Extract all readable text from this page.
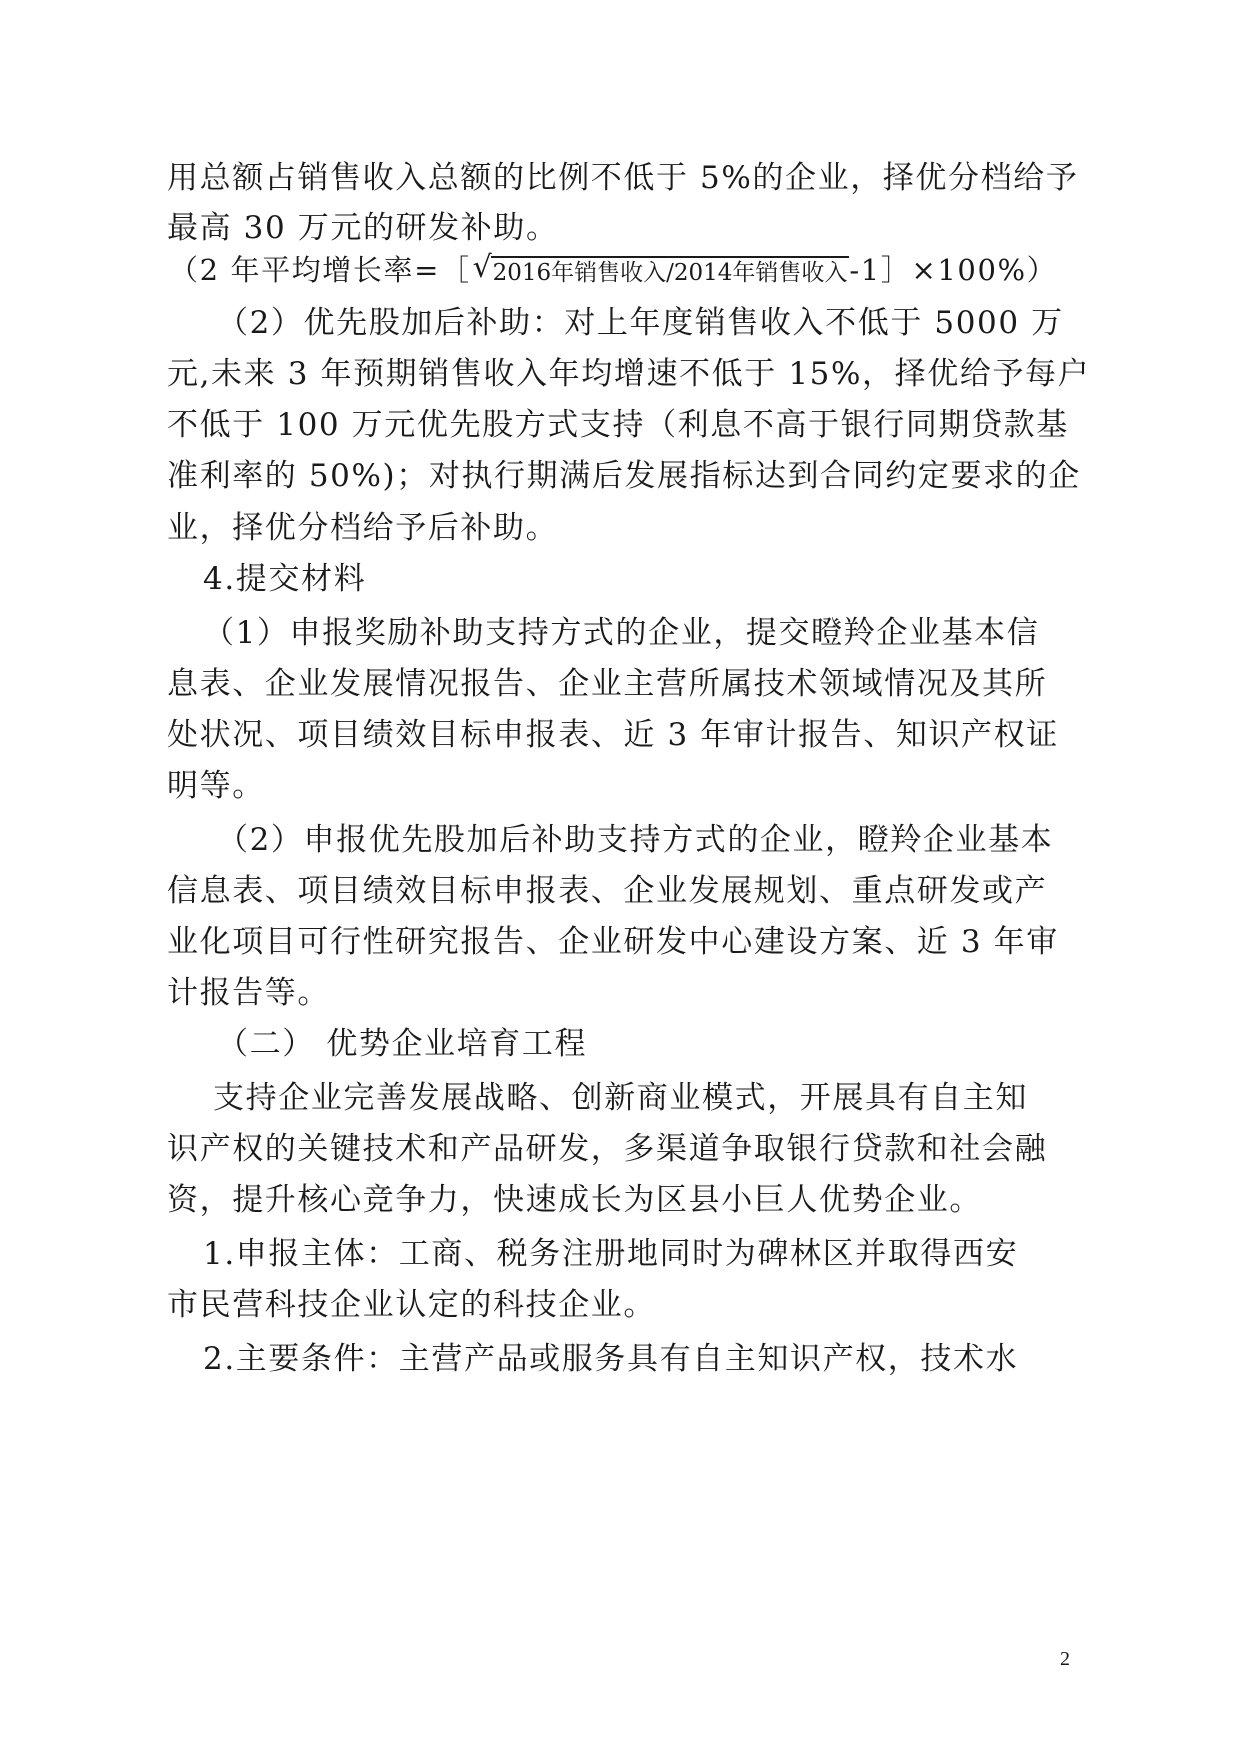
用总额占销售收入总额的比例不低于 5%的企业，择优分档给予
最高 30 万元的研发补助。
（2 年平均增长率=［√ 2016年销售收入/2014年销售收入-1］×100%）
（2）优先股加后补助：对上年度销售收入不低于 5000 万
元,未来 3 年预期销售收入年均增速不低于 15%，择优给予每户
不低于 100 万元优先股方式支持（利息不高于银行同期贷款基
准利率的 50%)；对执行期满后发展指标达到合同约定要求的企
业，择优分档给予后补助。
4.提交材料
（1）申报奖励补助支持方式的企业，提交瞪羚企业基本信
息表、企业发展情况报告、企业主营所属技术领域情况及其所
处状况、项目绩效目标申报表、近 3 年审计报告、知识产权证
明等。
（2）申报优先股加后补助支持方式的企业，瞪羚企业基本
信息表、项目绩效目标申报表、企业发展规划、重点研发或产
业化项目可行性研究报告、企业研发中心建设方案、近 3 年审
计报告等。
（二） 优势企业培育工程
支持企业完善发展战略、创新商业模式，开展具有自主知
识产权的关键技术和产品研发，多渠道争取银行贷款和社会融
资，提升核心竞争力，快速成长为区县小巨人优势企业。
1.申报主体：工商、税务注册地同时为碑林区并取得西安
市民营科技企业认定的科技企业。
2.主要条件：主营产品或服务具有自主知识产权，技术水
2
